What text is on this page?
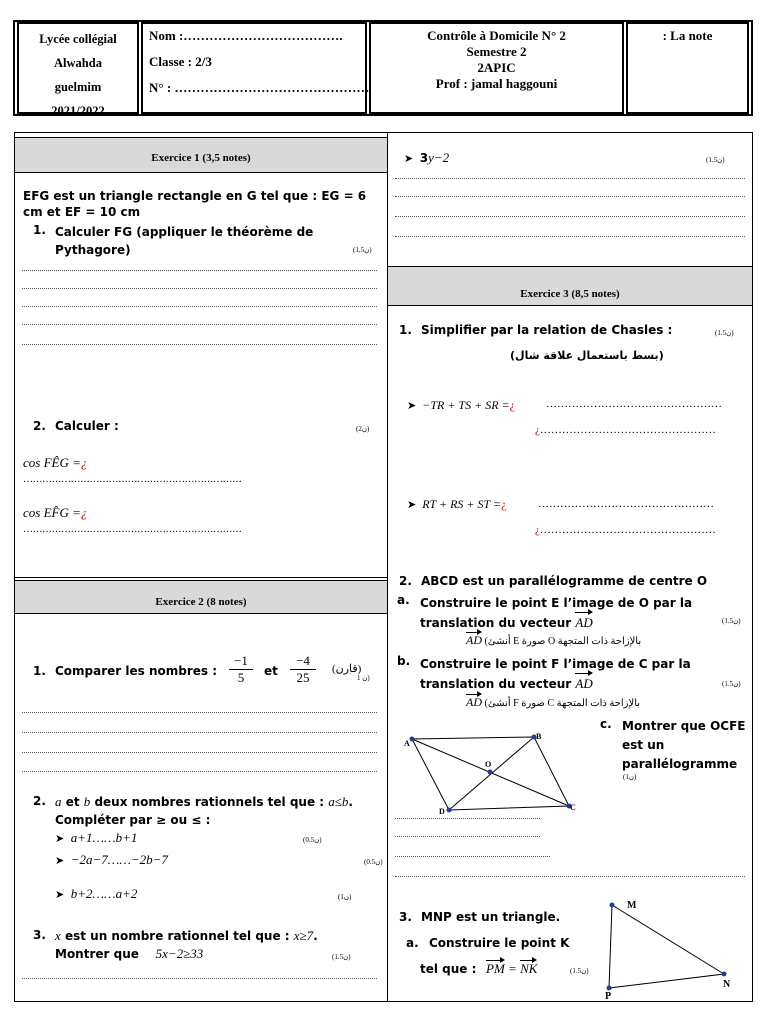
Lycée collégial
Alwahda
guelmim
2021/2022
Nom :……………………………….
Classe : 2/3
N° : ………………………………………
Contrôle à Domicile N° 2
Semestre 2
2APIC
Prof : jamal haggouni
: La note
Exercice 1 (3,5 notes)
EFG est un triangle rectangle en G tel que : EG = 6 cm et EF = 10 cm
1. Calculer FG (appliquer le théorème de Pythagore)	(1,5ن)
2. Calculer :	(2ن)
cos FÊG =¿
……………………………………………………………
cos EF̂G =¿
……………………………………………………………
Exercice 2 (8 notes)
1. Comparer les nombres :
−1
5	et
−4
25
(قارن)
ن 1)
2. a et b deux nombres rationnels tel que : a≤b.
Compléter par ≥ ou ≤ :
➤ a+1……b+1	(0.5ن)
➤ −2a−7……−2b−7	(0.5ن)
➤ b+2……a+2	(1ن)
3. x est un nombre rationnel tel que : x≥7.
Montrer que 5x−2≥33	(1.5ن)
➤ 3y−2	(1.5ن)
Exercice 3 (8,5 notes)
1. Simplifier par la relation de Chasles :	(1.5ن)
(بسط باستعمال علاقة شال)
➤ −TR + TS + SR =¿	…………………………………………
¿…………………………………………
➤ RT + RS + ST =¿	…………………………………………
¿…………………………………………
2. ABCD est un parallélogramme de centre O
a. Construire le point E l’image de O par la translation du vecteur AD	(1.5ن)
AD (أنشئ E صورة O بالإزاحة ذات المتجهة
b. Construire le point F l’image de C par la translation du vecteur AD	(1.5ن)
AD (أنشئ F صورة C بالإزاحة ذات المتجهة
c. Montrer que OCFE est un parallélogramme
(1ن)
A
B
C
D
O
3. MNP est un triangle.
a. Construire le point K
tel que : PM = NK	(1.5ن)
M
N
P
